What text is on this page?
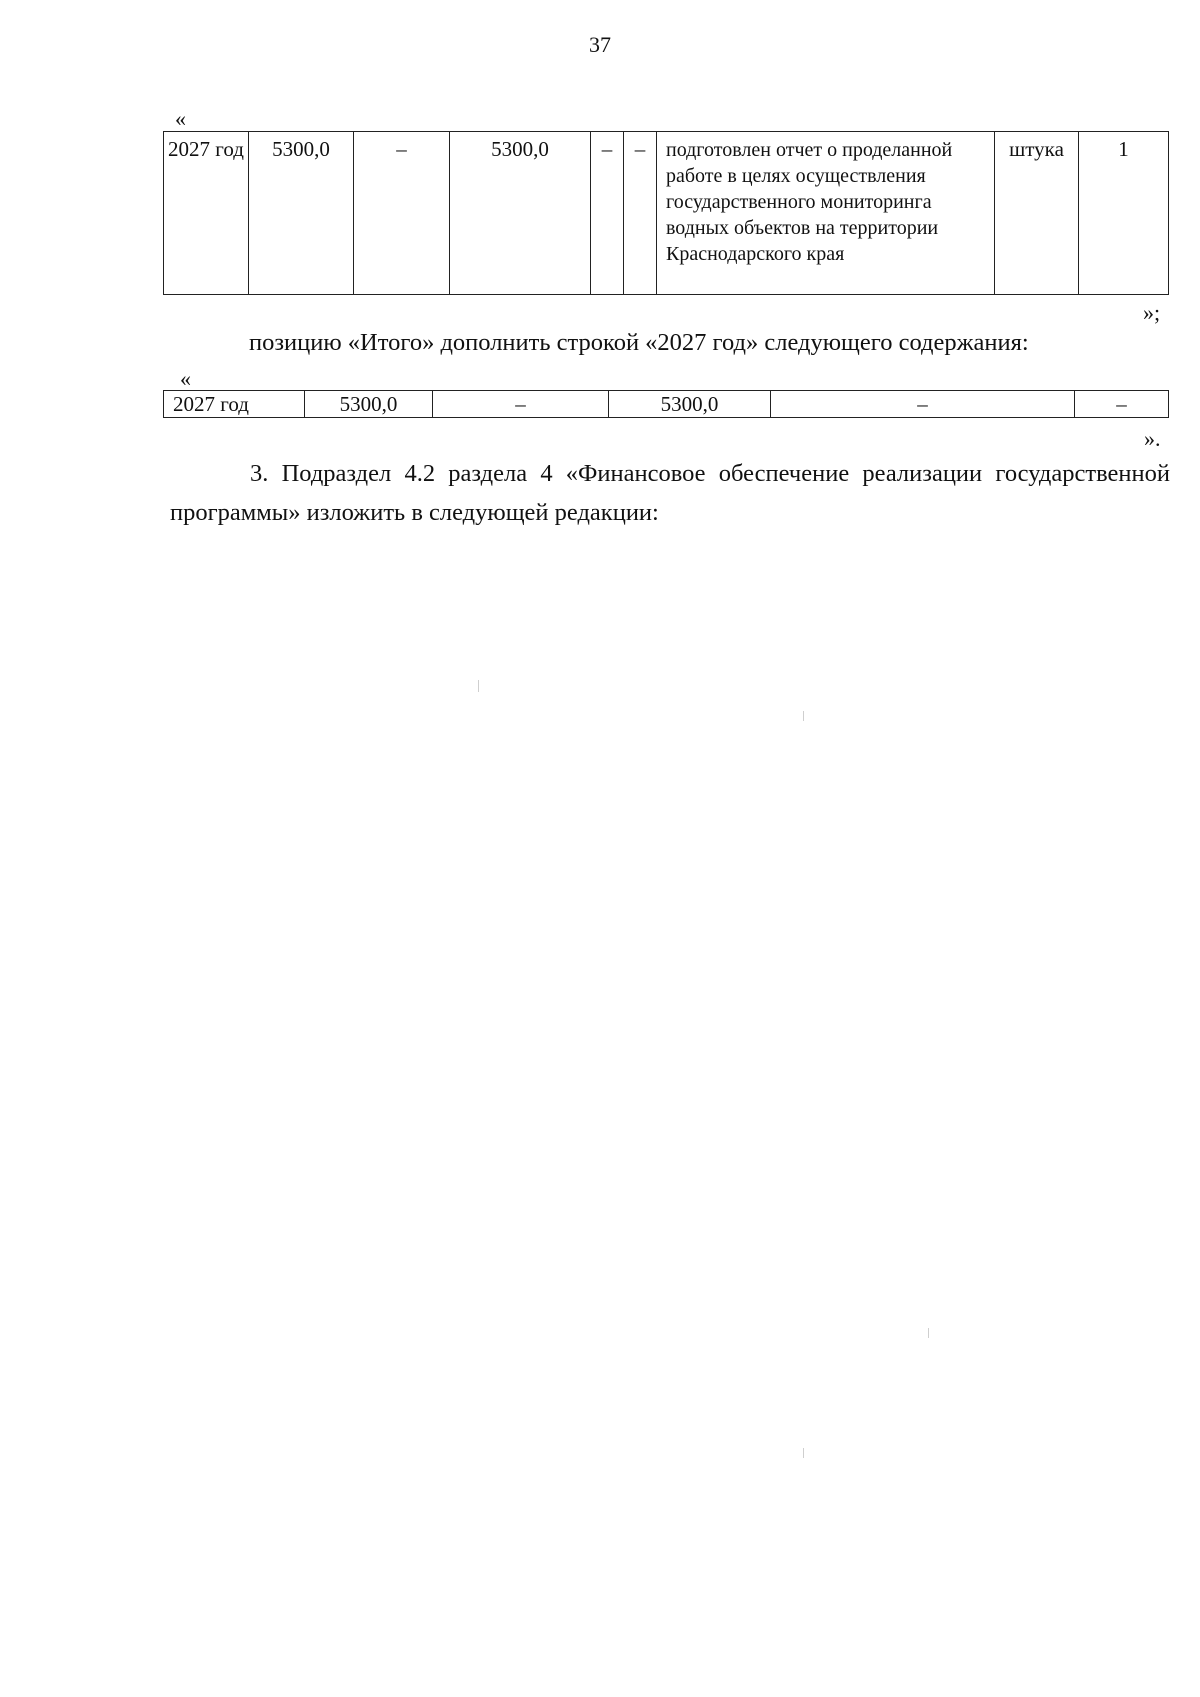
37
«
2027 год	5300,0	–	5300,0	–	–	подготовлен отчет о проделанной работе в целях осуществления государственного мониторинга водных объектов на территории Краснодарского края	штука	1
»;
позицию «Итого» дополнить строкой «2027 год» следующего содержания:
«
2027 год	5300,0	–	5300,0	–	–
».
3. Подраздел 4.2 раздела 4 «Финансовое обеспечение реализации государственной программы» изложить в следующей редакции:
